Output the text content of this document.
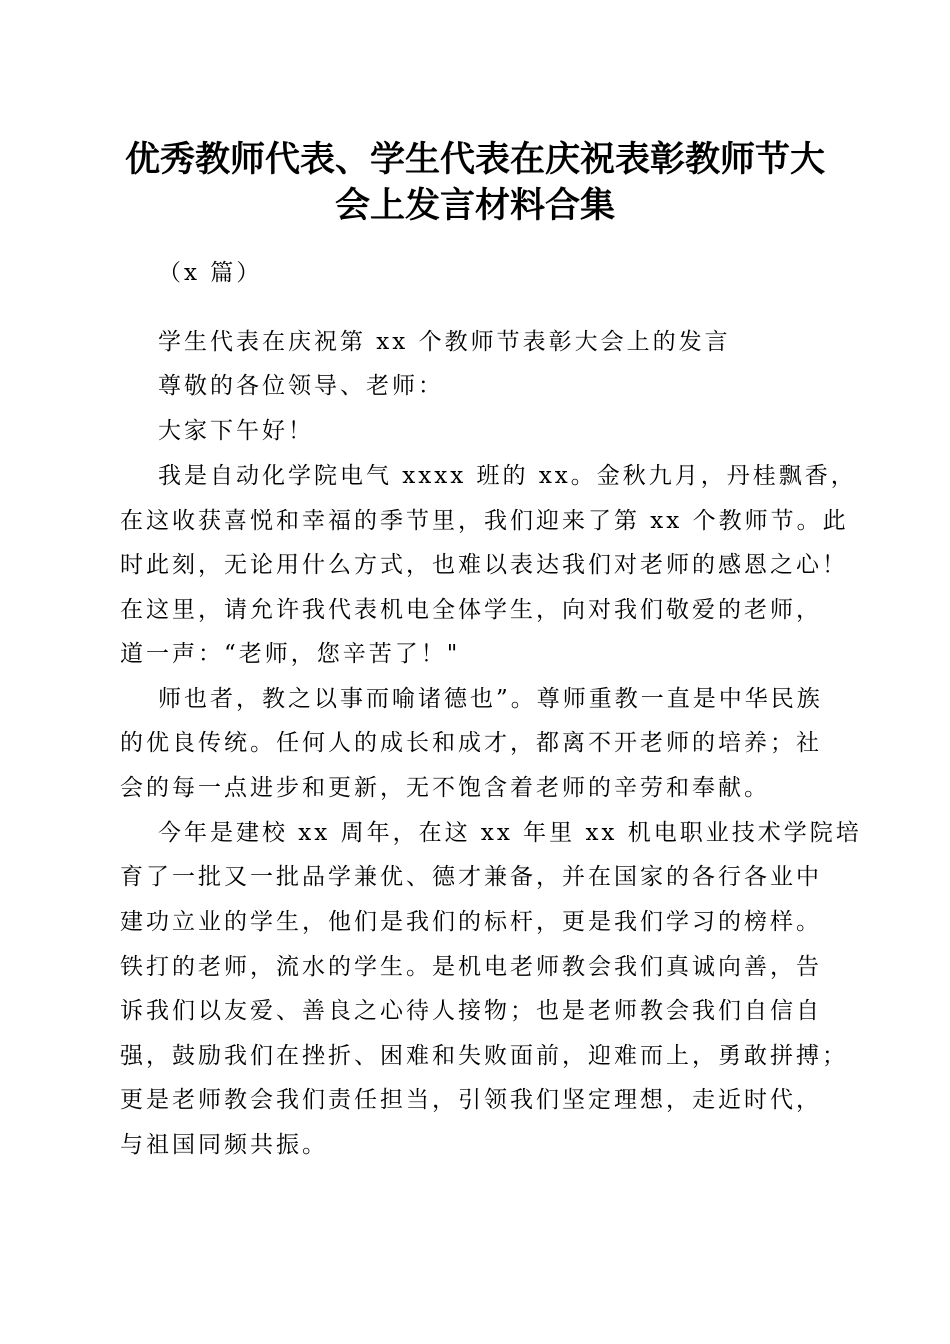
优秀教师代表、学生代表在庆祝表彰教师节大
会上发言材料合集
（x 篇）
学生代表在庆祝第 xx 个教师节表彰大会上的发言
尊敬的各位领导、老师：
大家下午好！
我是自动化学院电气 xxxx 班的 xx。金秋九月，丹桂飘香，
在这收获喜悦和幸福的季节里，我们迎来了第 xx 个教师节。此
时此刻，无论用什么方式，也难以表达我们对老师的感恩之心！
在这里，请允许我代表机电全体学生，向对我们敬爱的老师，
道一声：“老师，您辛苦了！"
师也者，教之以事而喻诸德也”。尊师重教一直是中华民族
的优良传统。任何人的成长和成才，都离不开老师的培养；社
会的每一点进步和更新，无不饱含着老师的辛劳和奉献。
今年是建校 xx 周年，在这 xx 年里 xx 机电职业技术学院培
育了一批又一批品学兼优、德才兼备，并在国家的各行各业中
建功立业的学生，他们是我们的标杆，更是我们学习的榜样。
铁打的老师，流水的学生。是机电老师教会我们真诚向善，告
诉我们以友爱、善良之心待人接物；也是老师教会我们自信自
强，鼓励我们在挫折、困难和失败面前，迎难而上，勇敢拼搏；
更是老师教会我们责任担当，引领我们坚定理想，走近时代，
与祖国同频共振。
